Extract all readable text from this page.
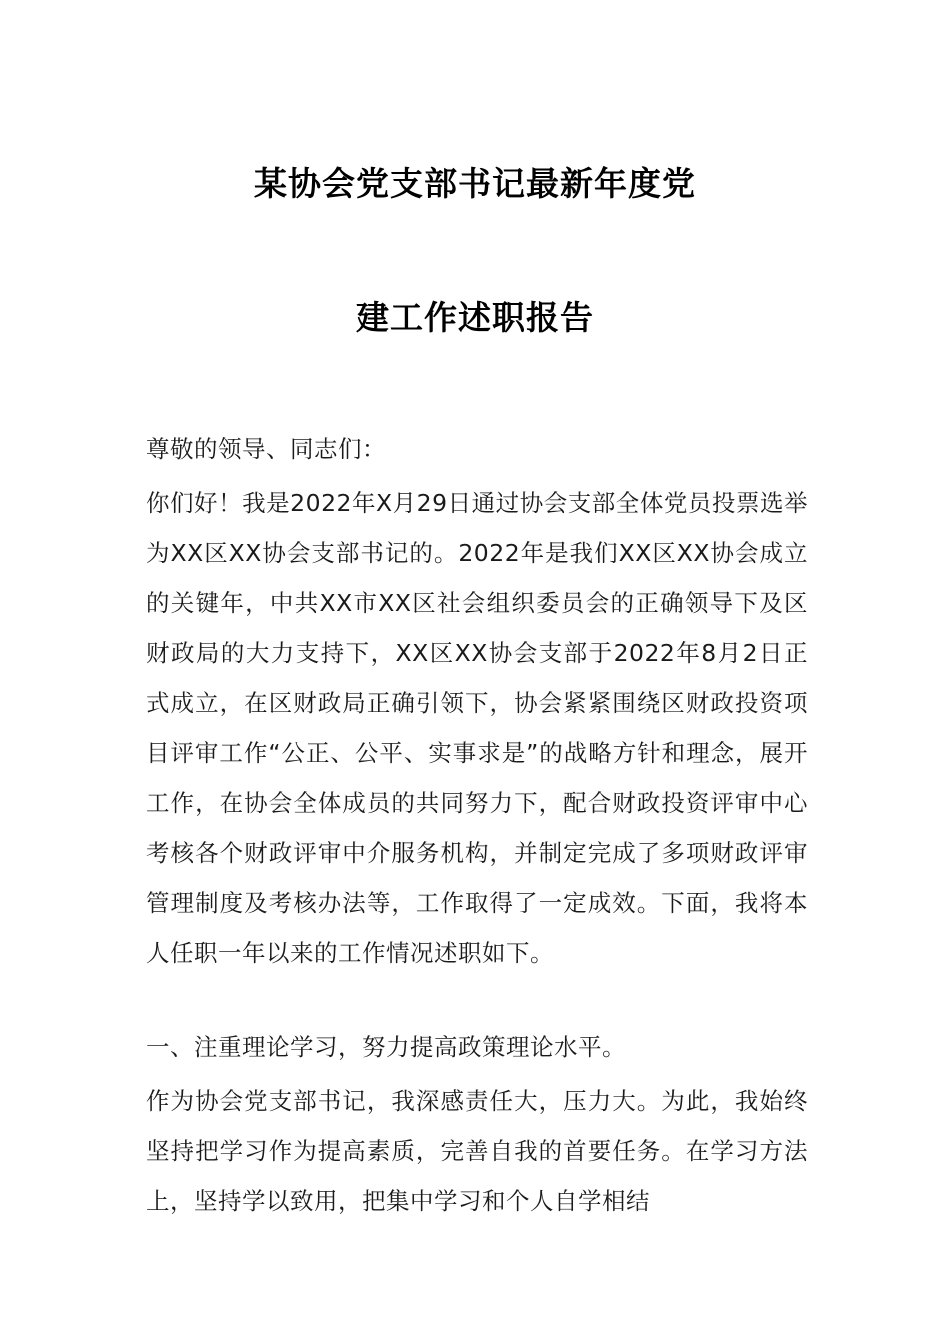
某协会党支部书记最新年度党
建工作述职报告
尊敬的领导、同志们：
你们好！我是2022年X月29日通过协会支部全体党员投票选举为XX区XX协会支部书记的。2022年是我们XX区XX协会成立的关键年，中共XX市XX区社会组织委员会的正确领导下及区财政局的大力支持下，XX区XX协会支部于2022年8月2日正式成立，在区财政局正确引领下，协会紧紧围绕区财政投资项目评审工作“公正、公平、实事求是”的战略方针和理念，展开工作，在协会全体成员的共同努力下，配合财政投资评审中心考核各个财政评审中介服务机构，并制定完成了多项财政评审管理制度及考核办法等，工作取得了一定成效。下面，我将本人任职一年以来的工作情况述职如下。
一、注重理论学习，努力提高政策理论水平。
作为协会党支部书记，我深感责任大，压力大。为此，我始终坚持把学习作为提高素质，完善自我的首要任务。在学习方法上，坚持学以致用，把集中学习和个人自学相结
